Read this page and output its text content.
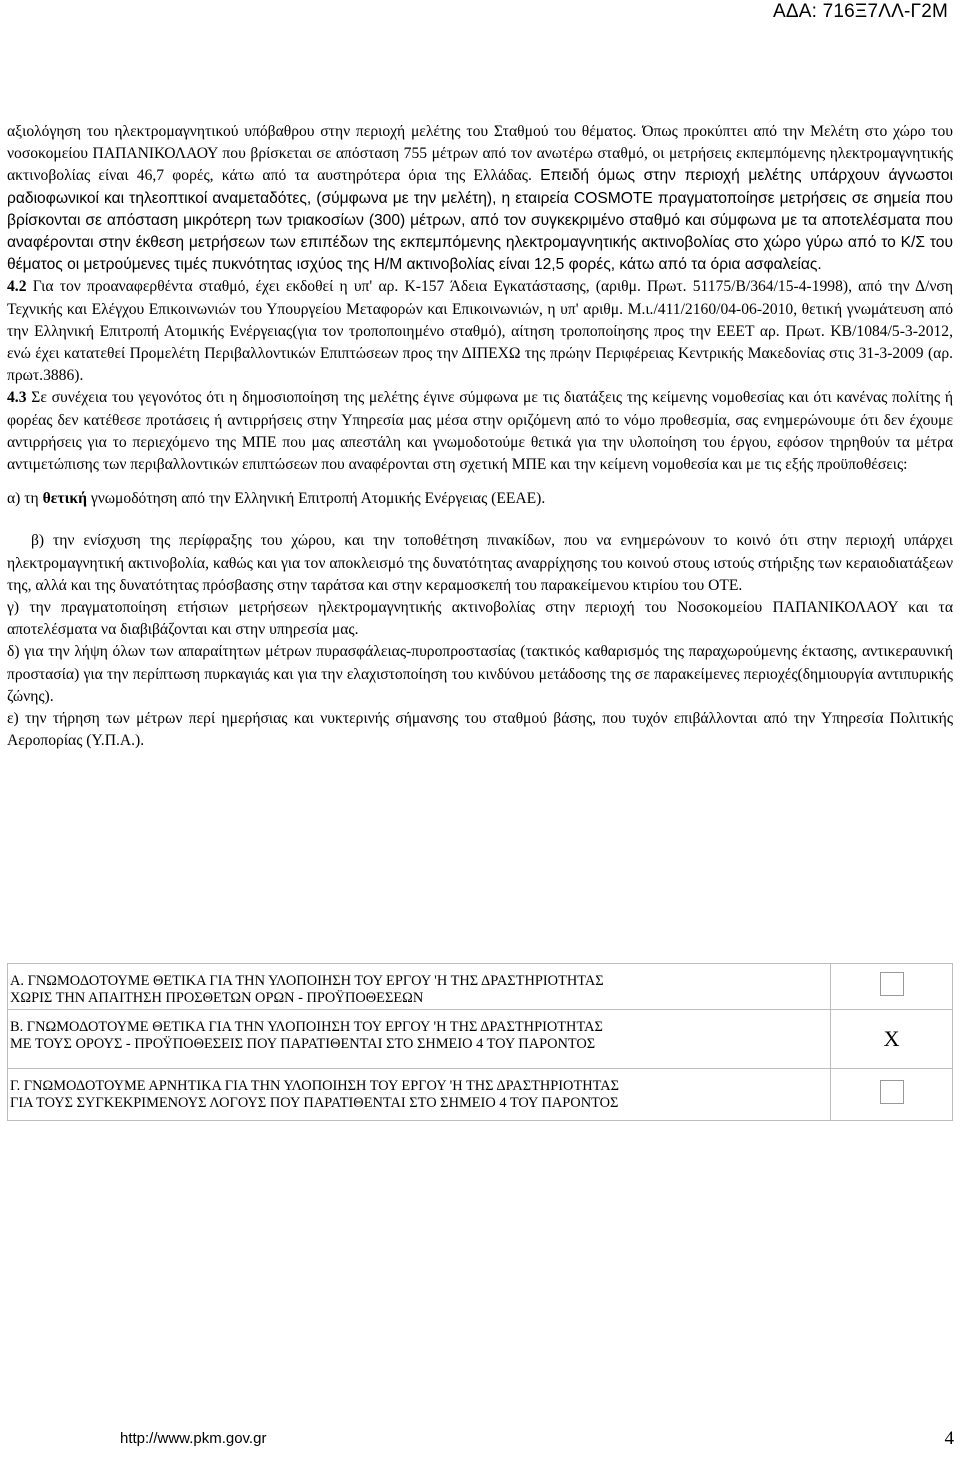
ΑΔΑ: 716Ξ7ΛΛ-Γ2Μ

αξιολόγηση του ηλεκτρομαγνητικού υπόβαθρου στην περιοχή μελέτης του Σταθμού του θέματος. Όπως προκύπτει από την Μελέτη στο χώρο του νοσοκομείου ΠΑΠΑΝΙΚΟΛΑΟΥ που βρίσκεται σε απόσταση 755 μέτρων από τον ανωτέρω σταθμό, οι μετρήσεις εκπεμπόμενης ηλεκτρομαγνητικής ακτινοβολίας είναι 46,7 φορές, κάτω από τα αυστηρότερα όρια της Ελλάδας. Επειδή όμως στην περιοχή μελέτης υπάρχουν άγνωστοι ραδιοφωνικοί και τηλεοπτικοί αναμεταδότες, (σύμφωνα με την μελέτη), η εταιρεία COSMOTE πραγματοποίησε μετρήσεις σε σημεία που βρίσκονται σε απόσταση μικρότερη των τριακοσίων (300) μέτρων, από τον συγκεκριμένο σταθμό και σύμφωνα με τα αποτελέσματα που αναφέρονται στην έκθεση μετρήσεων των επιπέδων της εκπεμπόμενης ηλεκτρομαγνητικής ακτινοβολίας στο χώρο γύρω από το Κ/Σ του θέματος οι μετρούμενες τιμές πυκνότητας ισχύος της Η/Μ ακτινοβολίας είναι 12,5 φορές, κάτω από τα όρια ασφαλείας.

4.2 Για τον προαναφερθέντα σταθμό, έχει εκδοθεί η υπ' αρ. Κ-157 Άδεια Εγκατάστασης, (αριθμ. Πρωτ. 51175/Β/364/15-4-1998), από την Δ/νση Τεχνικής και Ελέγχου Επικοινωνιών του Υπουργείου Μεταφορών και Επικοινωνιών, η υπ' αριθμ. Μ.ι./411/2160/04-06-2010, θετική γνωμάτευση από την Ελληνική Επιτροπή Ατομικής Ενέργειας(για τον τροποποιημένο σταθμό), αίτηση τροποποίησης προς την ΕΕΕΤ αρ. Πρωτ. ΚΒ/1084/5-3-2012, ενώ έχει κατατεθεί Προμελέτη Περιβαλλοντικών Επιπτώσεων προς την ΔΙΠΕΧΩ της πρώην Περιφέρειας Κεντρικής Μακεδονίας στις 31-3-2009 (αρ. πρωτ.3886).

4.3 Σε συνέχεια του γεγονότος ότι η δημοσιοποίηση της μελέτης έγινε σύμφωνα με τις διατάξεις της κείμενης νομοθεσίας και ότι κανένας πολίτης ή φορέας δεν κατέθεσε προτάσεις ή αντιρρήσεις στην Υπηρεσία μας μέσα στην οριζόμενη από το νόμο προθεσμία, σας ενημερώνουμε ότι δεν έχουμε αντιρρήσεις για το περιεχόμενο της ΜΠΕ που μας απεστάλη και γνωμοδοτούμε θετικά για την υλοποίηση του έργου, εφόσον τηρηθούν τα μέτρα αντιμετώπισης των περιβαλλοντικών επιπτώσεων που αναφέρονται στη σχετική ΜΠΕ και την κείμενη νομοθεσία και με τις εξής προϋποθέσεις:

α) τη θετική γνωμοδότηση από την Ελληνική Επιτροπή Ατομικής Ενέργειας (ΕΕΑΕ).

β) την ενίσχυση της περίφραξης του χώρου, και την τοποθέτηση πινακίδων, που να ενημερώνουν το κοινό ότι στην περιοχή υπάρχει ηλεκτρομαγνητική ακτινοβολία, καθώς και για τον αποκλεισμό της δυνατότητας αναρρίχησης του κοινού στους ιστούς στήριξης των κεραιοδιατάξεων της, αλλά και της δυνατότητας πρόσβασης στην ταράτσα και στην κεραμοσκεπή του παρακείμενου κτιρίου του ΟΤΕ.

γ) την πραγματοποίηση ετήσιων μετρήσεων ηλεκτρομαγνητικής ακτινοβολίας στην περιοχή του Νοσοκομείου ΠΑΠΑΝΙΚΟΛΑΟΥ και τα αποτελέσματα να διαβιβάζονται και στην υπηρεσία μας.

δ) για την λήψη όλων των απαραίτητων μέτρων πυρασφάλειας-πυροπροστασίας (τακτικός καθαρισμός της παραχωρούμενης έκτασης, αντικεραυνική προστασία) για την περίπτωση πυρκαγιάς και για την ελαχιστοποίηση του κινδύνου μετάδοσης της σε παρακείμενες περιοχές(δημιουργία αντιπυρικής ζώνης).

ε) την τήρηση των μέτρων περί ημερήσιας και νυκτερινής σήμανσης του σταθμού βάσης, που τυχόν επιβάλλονται από την Υπηρεσία Πολιτικής Αεροπορίας (Υ.Π.Α.).

Α. ΓΝΩΜΟΔΟΤΟΥΜΕ ΘΕΤΙΚΑ ΓΙΑ ΤΗΝ ΥΛΟΠΟΙΗΣΗ ΤΟΥ ΕΡΓΟΥ 'Η ΤΗΣ ΔΡΑΣΤΗΡΙΟΤΗΤΑΣ
ΧΩΡΙΣ ΤΗΝ ΑΠΑΙΤΗΣΗ ΠΡΟΣΘΕΤΩΝ ΟΡΩΝ - ΠΡΟΫΠΟΘΕΣΕΩΝ	

Β. ΓΝΩΜΟΔΟΤΟΥΜΕ ΘΕΤΙΚΑ ΓΙΑ ΤΗΝ ΥΛΟΠΟΙΗΣΗ ΤΟΥ ΕΡΓΟΥ 'Η ΤΗΣ ΔΡΑΣΤΗΡΙΟΤΗΤΑΣ
ΜΕ ΤΟΥΣ ΟΡΟΥΣ - ΠΡΟΫΠΟΘΕΣΕΙΣ ΠΟΥ ΠΑΡΑΤΙΘΕΝΤΑΙ ΣΤΟ ΣΗΜΕΙΟ 4 ΤΟΥ ΠΑΡΟΝΤΟΣ	Χ

Γ. ΓΝΩΜΟΔΟΤΟΥΜΕ ΑΡΝΗΤΙΚΑ ΓΙΑ ΤΗΝ ΥΛΟΠΟΙΗΣΗ ΤΟΥ ΕΡΓΟΥ 'Η ΤΗΣ ΔΡΑΣΤΗΡΙΟΤΗΤΑΣ
ΓΙΑ ΤΟΥΣ ΣΥΓΚΕΚΡΙΜΕΝΟΥΣ ΛΟΓΟΥΣ ΠΟΥ ΠΑΡΑΤΙΘΕΝΤΑΙ ΣΤΟ ΣΗΜΕΙΟ 4 ΤΟΥ ΠΑΡΟΝΤΟΣ	

http://www.pkm.gov.gr	4
